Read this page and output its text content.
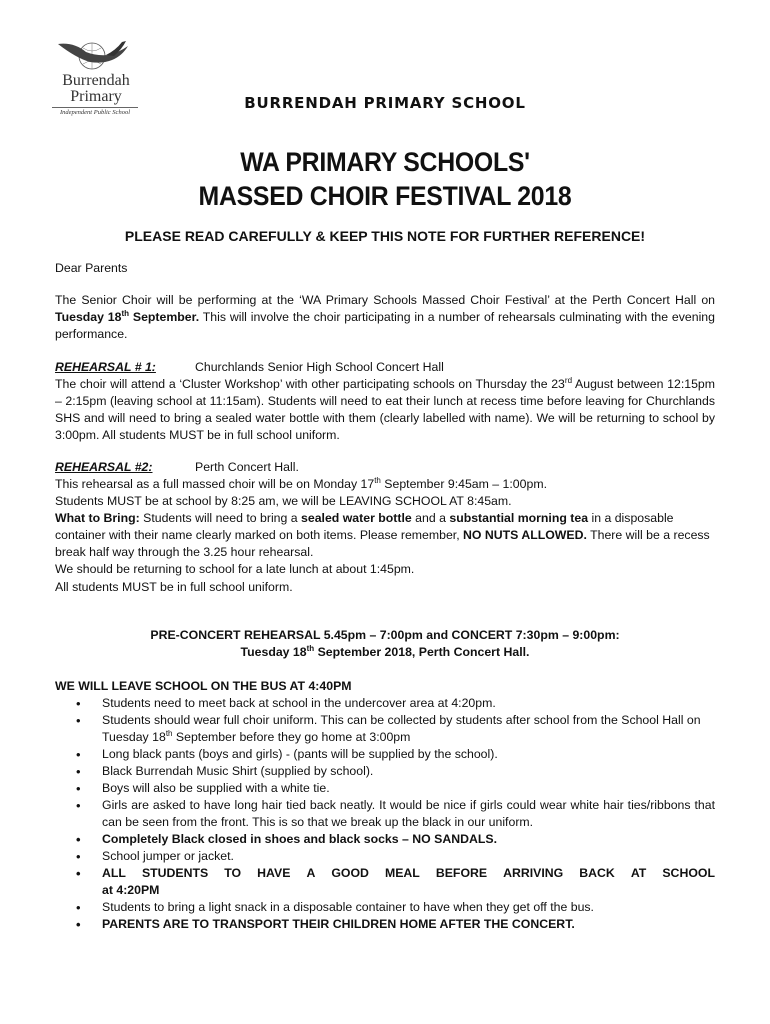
Burrendah
Primary
Independent Public School
BURRENDAH PRIMARY SCHOOL
WA PRIMARY SCHOOLS'
MASSED CHOIR FESTIVAL 2018
PLEASE READ CAREFULLY & KEEP THIS NOTE FOR FURTHER REFERENCE!
Dear Parents
The Senior Choir will be performing at the ‘WA Primary Schools Massed Choir Festival’ at the Perth Concert Hall on Tuesday 18th September. This will involve the choir participating in a number of rehearsals culminating with the evening performance.
REHEARSAL # 1:	Churchlands Senior High School Concert Hall
The choir will attend a ‘Cluster Workshop’ with other participating schools on Thursday the 23rd August between 12:15pm – 2:15pm (leaving school at 11:15am). Students will need to eat their lunch at recess time before leaving for Churchlands SHS and will need to bring a sealed water bottle with them (clearly labelled with name). We will be returning to school by 3:00pm. All students MUST be in full school uniform.
REHEARSAL #2:	Perth Concert Hall.
This rehearsal as a full massed choir will be on Monday 17th September 9:45am – 1:00pm.
Students MUST be at school by 8:25 am, we will be LEAVING SCHOOL AT 8:45am.
What to Bring: Students will need to bring a sealed water bottle and a substantial morning tea in a disposable container with their name clearly marked on both items. Please remember, NO NUTS ALLOWED. There will be a recess break half way through the 3.25 hour rehearsal.
We should be returning to school for a late lunch at about 1:45pm.
All students MUST be in full school uniform.
PRE-CONCERT REHEARSAL 5.45pm – 7:00pm and CONCERT 7:30pm – 9:00pm:
Tuesday 18th September 2018, Perth Concert Hall.
WE WILL LEAVE SCHOOL ON THE BUS AT 4:40PM
• Students need to meet back at school in the undercover area at 4:20pm.
• Students should wear full choir uniform. This can be collected by students after school from the School Hall on Tuesday 18th September before they go home at 3:00pm
• Long black pants (boys and girls) - (pants will be supplied by the school).
• Black Burrendah Music Shirt (supplied by school).
• Boys will also be supplied with a white tie.
• Girls are asked to have long hair tied back neatly. It would be nice if girls could wear white hair ties/ribbons that can be seen from the front. This is so that we break up the black in our uniform.
• Completely Black closed in shoes and black socks – NO SANDALS.
• School jumper or jacket.
• ALL STUDENTS TO HAVE A GOOD MEAL BEFORE ARRIVING BACK AT SCHOOL
at 4:20PM
• Students to bring a light snack in a disposable container to have when they get off the bus.
• PARENTS ARE TO TRANSPORT THEIR CHILDREN HOME AFTER THE CONCERT.
